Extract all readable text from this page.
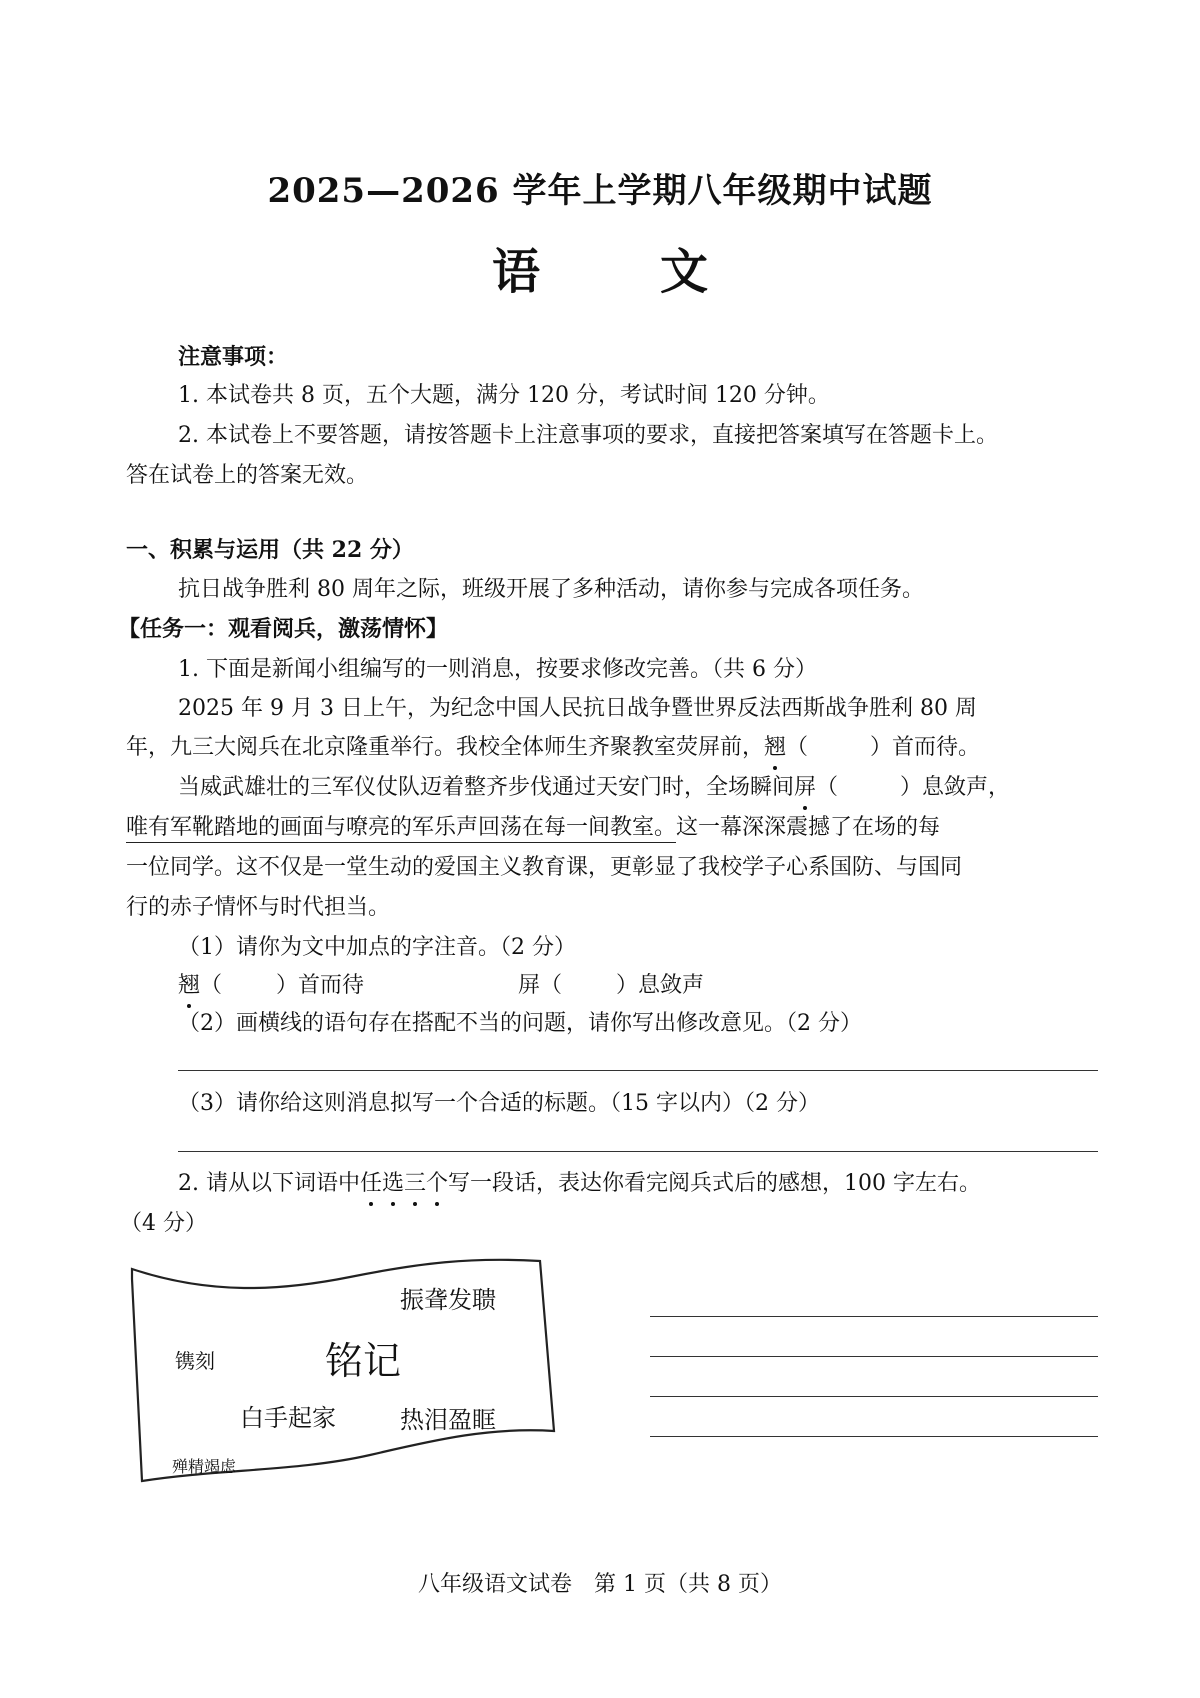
2025—2026 学年上学期八年级期中试题
语文
注意事项：
1. 本试卷共 8 页，五个大题，满分 120 分，考试时间 120 分钟。
2. 本试卷上不要答题，请按答题卡上注意事项的要求，直接把答案填写在答题卡上。
答在试卷上的答案无效。
一、积累与运用（共 22 分）
抗日战争胜利 80 周年之际，班级开展了多种活动，请你参与完成各项任务。
【任务一：观看阅兵，激荡情怀】
1. 下面是新闻小组编写的一则消息，按要求修改完善。（共 6 分）
2025 年 9 月 3 日上午，为纪念中国人民抗日战争暨世界反法西斯战争胜利 80 周
年，九三大阅兵在北京隆重举行。我校全体师生齐聚教室荧屏前，翘（	）首而待。
当威武雄壮的三军仪仗队迈着整齐步伐通过天安门时，全场瞬间屏（	）息敛声，
唯有军靴踏地的画面与嘹亮的军乐声回荡在每一间教室。这一幕深深震撼了在场的每
一位同学。这不仅是一堂生动的爱国主义教育课，更彰显了我校学子心系国防、与国同
行的赤子情怀与时代担当。
（1）请你为文中加点的字注音。（2 分）
翘（ ）首而待	屏（ ）息敛声
（2）画横线的语句存在搭配不当的问题，请你写出修改意见。（2 分）
（3）请你给这则消息拟写一个合适的标题。（15 字以内）（2 分）
2. 请从以下词语中任选三个写一段话，表达你看完阅兵式后的感想，100 字左右。
（4 分）
振聋发聩
镌刻	铭记
白手起家	热泪盈眶
殚精竭虑
八年级语文试卷　第 1 页（共 8 页）
